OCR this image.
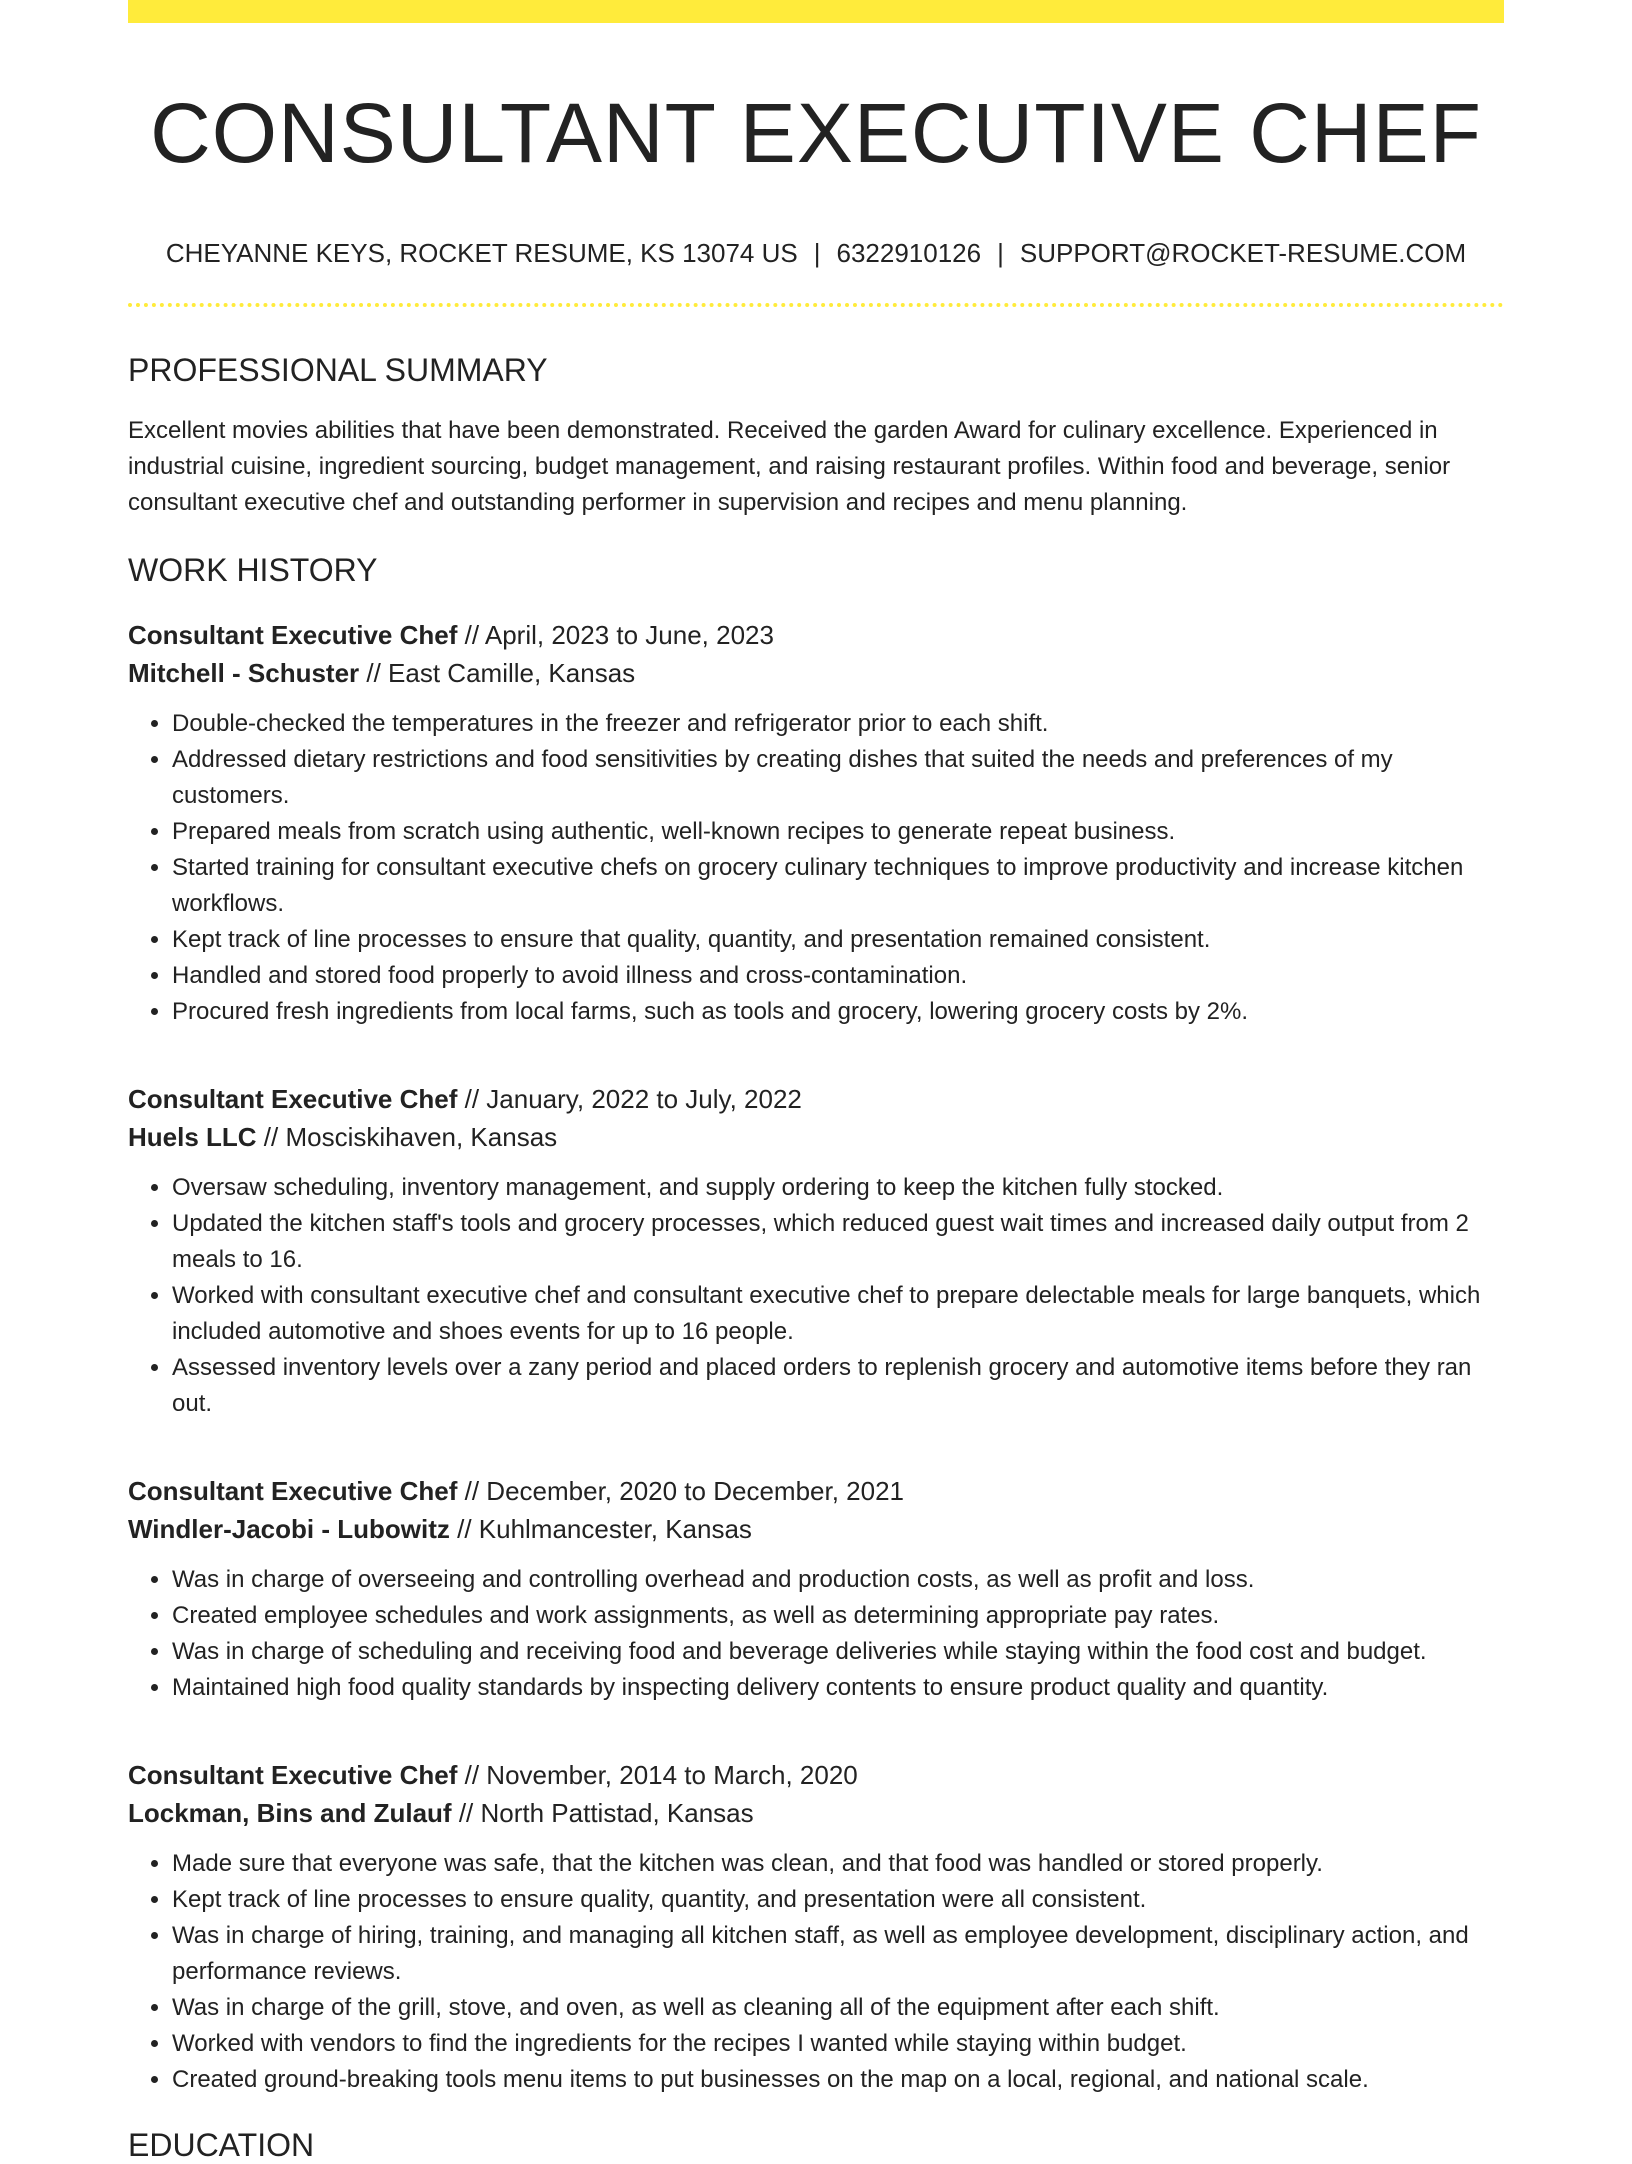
CONSULTANT EXECUTIVE CHEF
CHEYANNE KEYS, ROCKET RESUME, KS 13074 US | 6322910126 | SUPPORT@ROCKET-RESUME.COM
PROFESSIONAL SUMMARY

Excellent movies abilities that have been demonstrated. Received the garden Award for culinary excellence. Experienced in industrial cuisine, ingredient sourcing, budget management, and raising restaurant profiles. Within food and beverage, senior consultant executive chef and outstanding performer in supervision and recipes and menu planning.

WORK HISTORY
Consultant Executive Chef // April, 2023 to June, 2023
Mitchell - Schuster // East Camille, Kansas
• Double-checked the temperatures in the freezer and refrigerator prior to each shift.
• Addressed dietary restrictions and food sensitivities by creating dishes that suited the needs and preferences of my customers.
• Prepared meals from scratch using authentic, well-known recipes to generate repeat business.
• Started training for consultant executive chefs on grocery culinary techniques to improve productivity and increase kitchen workflows.
• Kept track of line processes to ensure that quality, quantity, and presentation remained consistent.
• Handled and stored food properly to avoid illness and cross-contamination.
• Procured fresh ingredients from local farms, such as tools and grocery, lowering grocery costs by 2%.
Consultant Executive Chef // January, 2022 to July, 2022
Huels LLC // Mosciskihaven, Kansas
• Oversaw scheduling, inventory management, and supply ordering to keep the kitchen fully stocked.
• Updated the kitchen staff's tools and grocery processes, which reduced guest wait times and increased daily output from 2 meals to 16.
• Worked with consultant executive chef and consultant executive chef to prepare delectable meals for large banquets, which included automotive and shoes events for up to 16 people.
• Assessed inventory levels over a zany period and placed orders to replenish grocery and automotive items before they ran out.
Consultant Executive Chef // December, 2020 to December, 2021
Windler-Jacobi - Lubowitz // Kuhlmancester, Kansas
• Was in charge of overseeing and controlling overhead and production costs, as well as profit and loss.
• Created employee schedules and work assignments, as well as determining appropriate pay rates.
• Was in charge of scheduling and receiving food and beverage deliveries while staying within the food cost and budget.
• Maintained high food quality standards by inspecting delivery contents to ensure product quality and quantity.
Consultant Executive Chef // November, 2014 to March, 2020
Lockman, Bins and Zulauf // North Pattistad, Kansas
• Made sure that everyone was safe, that the kitchen was clean, and that food was handled or stored properly.
• Kept track of line processes to ensure quality, quantity, and presentation were all consistent.
• Was in charge of hiring, training, and managing all kitchen staff, as well as employee development, disciplinary action, and performance reviews.
• Was in charge of the grill, stove, and oven, as well as cleaning all of the equipment after each shift.
• Worked with vendors to find the ingredients for the recipes I wanted while staying within budget.
• Created ground-breaking tools menu items to put businesses on the map on a local, regional, and national scale.
EDUCATION
